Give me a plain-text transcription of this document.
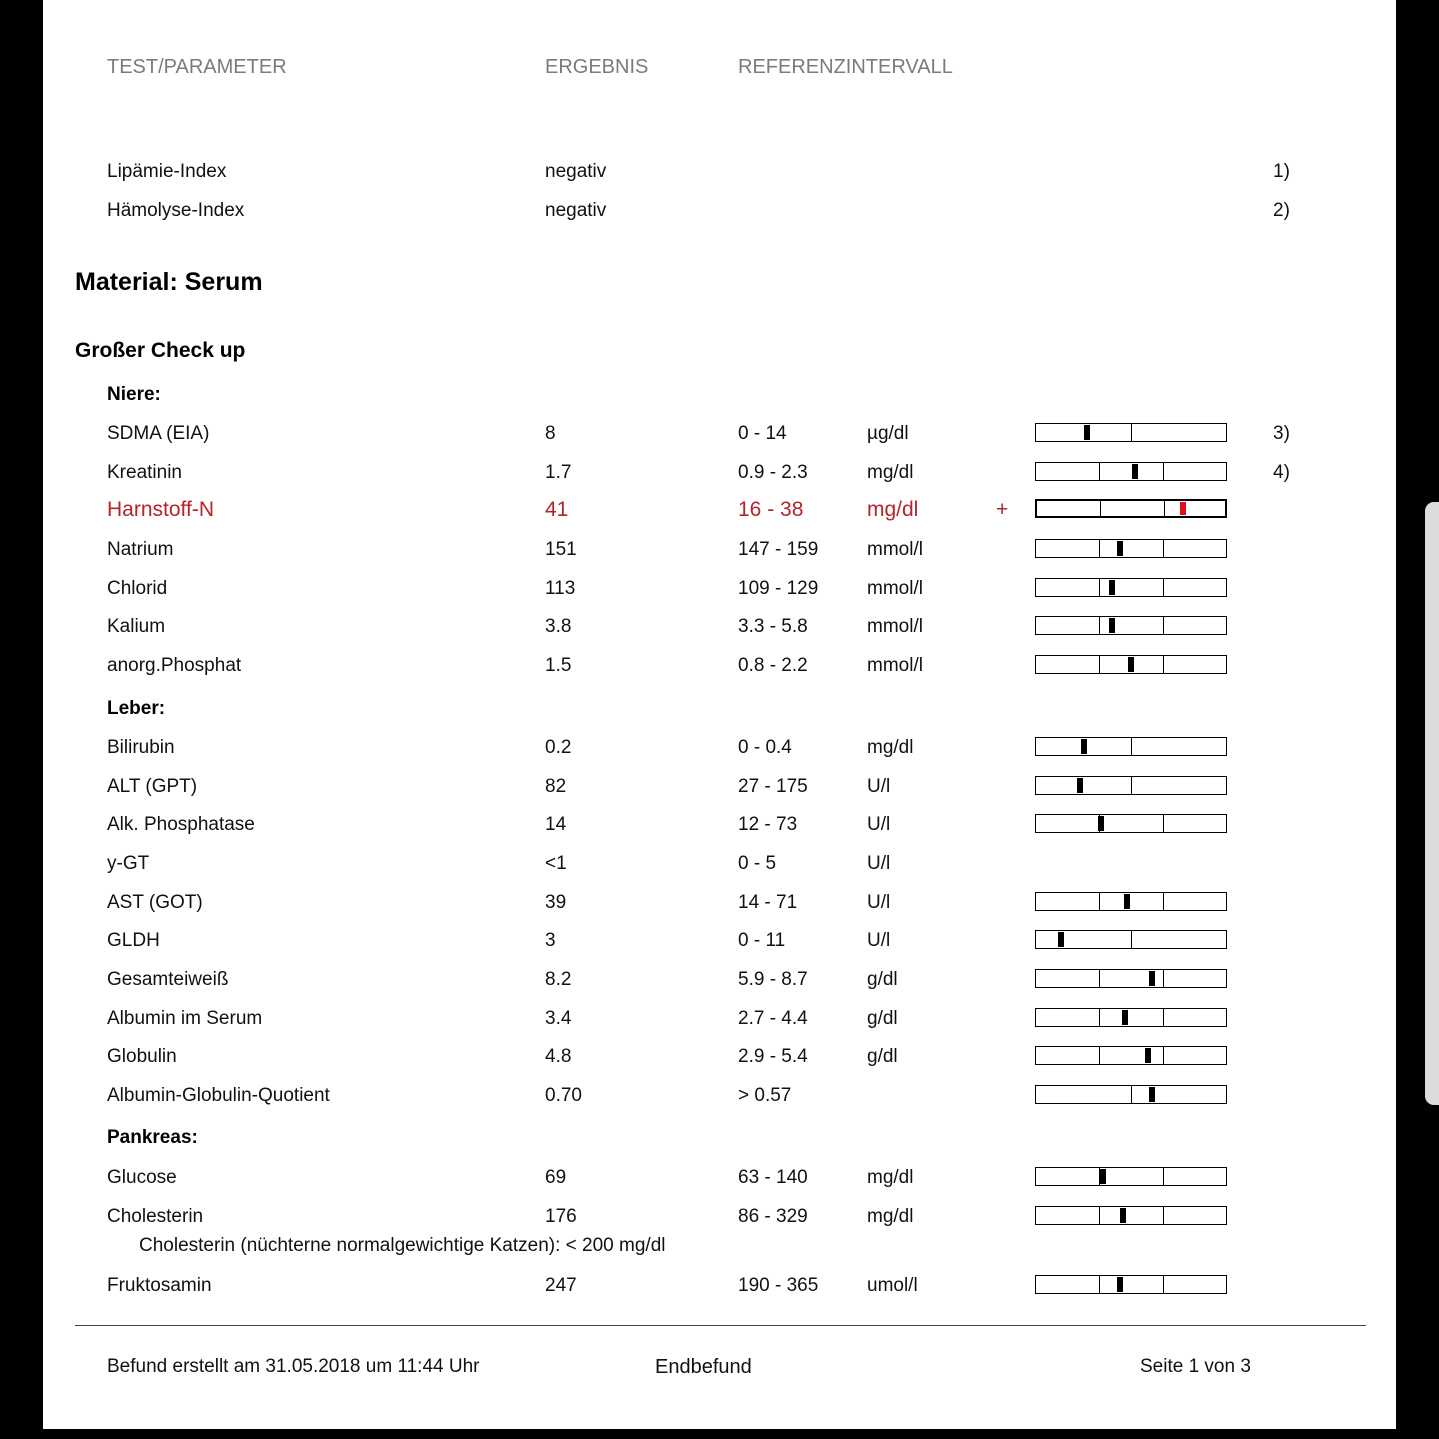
TEST/PARAMETER	ERGEBNIS	REFERENZINTERVALL
Lipämie-Index	negativ	1)
Hämolyse-Index	negativ	2)
Material: Serum
Großer Check up
Niere:
Leber:
Pankreas:
SDMA (EIA)	8	0 - 14	µg/dl	3)
Kreatinin	1.7	0.9 - 2.3	mg/dl	4)
Harnstoff-N	41	16 - 38	mg/dl	+
Natrium	151	147 - 159	mmol/l
Chlorid	113	109 - 129	mmol/l
Kalium	3.8	3.3 - 5.8	mmol/l
anorg.Phosphat	1.5	0.8 - 2.2	mmol/l
Bilirubin	0.2	0 - 0.4	mg/dl
ALT (GPT)	82	27 - 175	U/l
Alk. Phosphatase	14	12 - 73	U/l
y-GT	<1	0 - 5	U/l
AST (GOT)	39	14 - 71	U/l
GLDH	3	0 - 11	U/l
Gesamteiweiß	8.2	5.9 - 8.7	g/dl
Albumin im Serum	3.4	2.7 - 4.4	g/dl
Globulin	4.8	2.9 - 5.4	g/dl
Albumin-Globulin-Quotient	0.70	> 0.57
Glucose	69	63 - 140	mg/dl
Cholesterin	176	86 - 329	mg/dl
Fruktosamin	247	190 - 365	umol/l
Cholesterin (nüchterne normalgewichtige Katzen): < 200 mg/dl
Befund erstellt am 31.05.2018 um 11:44 Uhr	Endbefund	Seite 1 von 3
